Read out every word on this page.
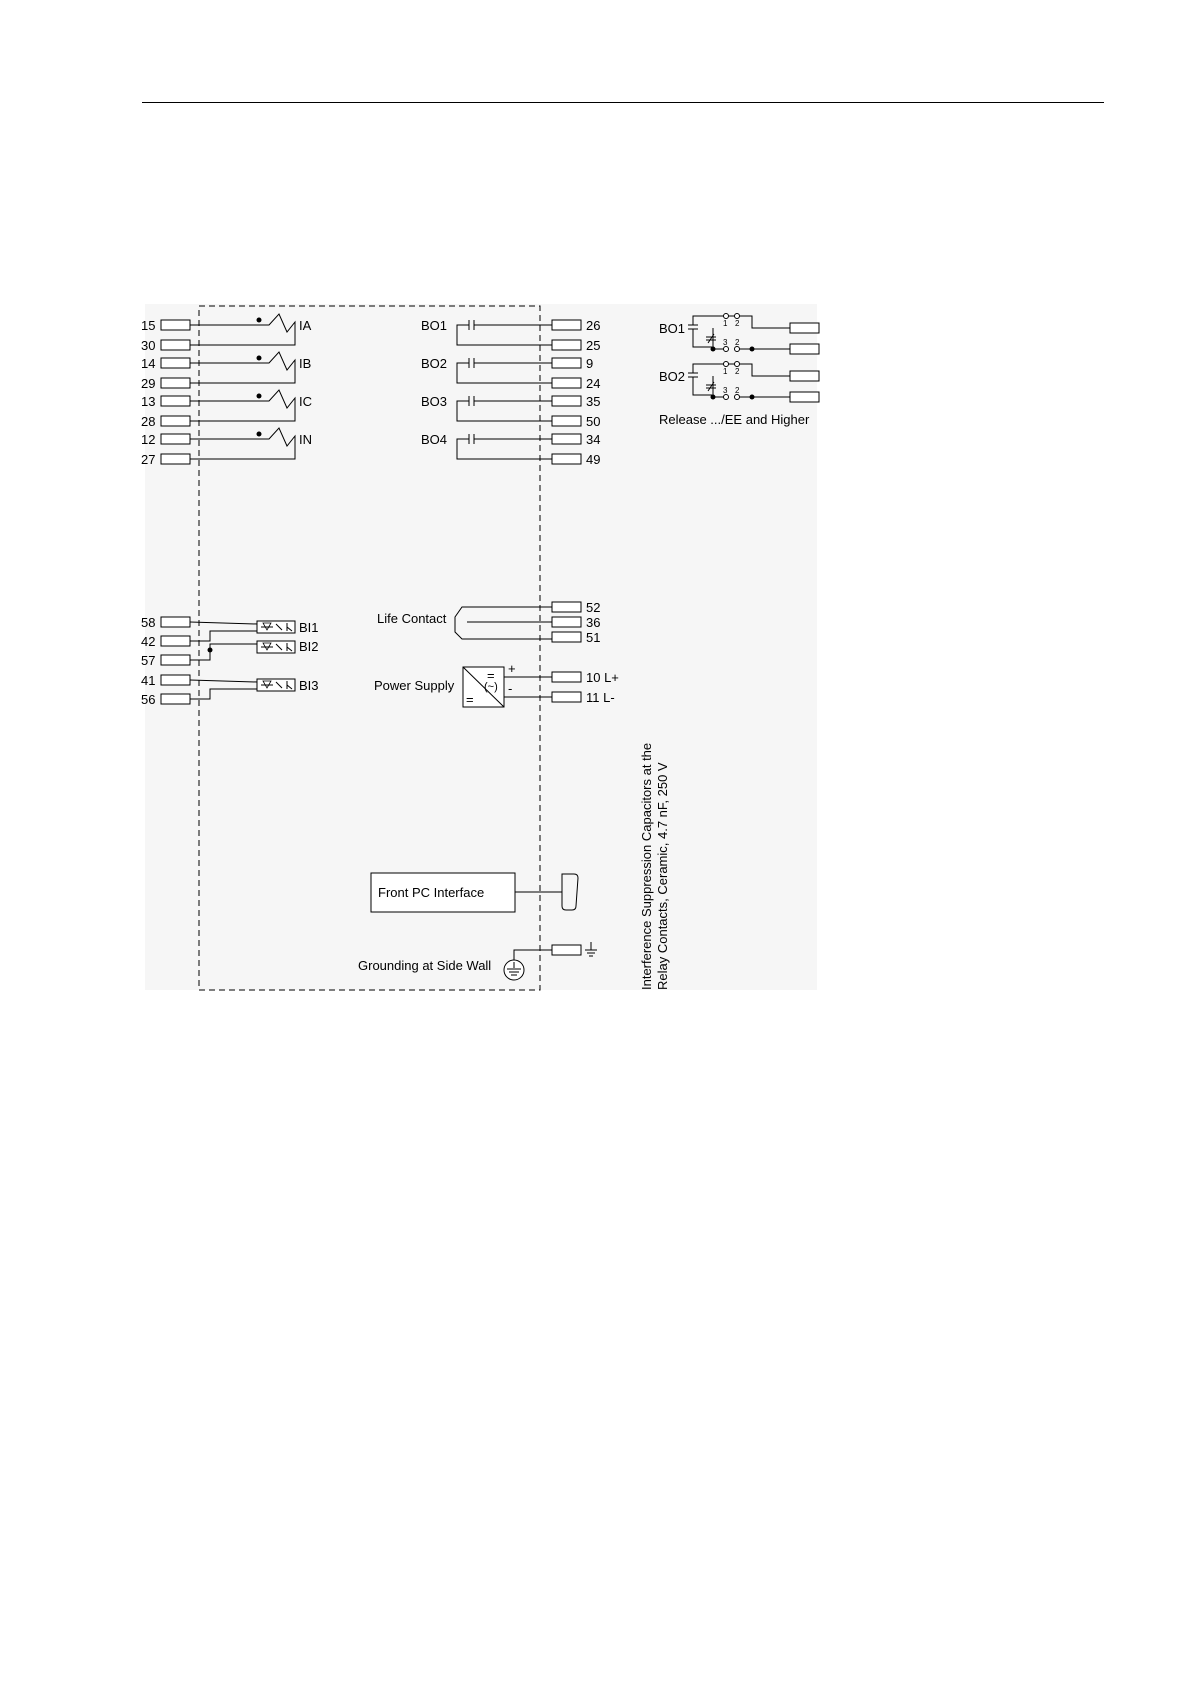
15
30
IA
14
29
IB
13
28
IC
12
27
IN
BO1	26
25
BO2	9
24
BO3	35
50
BO4	34
49
BO1	1 2
3 2
BO2	1 2
3 2
Release .../EE and Higher
58
42
57
41
56
BI1
BI2
BI3
Life Contact
52
36
51
Power Supply
=
(~)
=
+
-
10 L+
11 L-
Front PC Interface
Grounding at Side Wall	Interference Suppression Capacitors at the Relay Contacts, Ceramic, 4.7 nF, 250 V
